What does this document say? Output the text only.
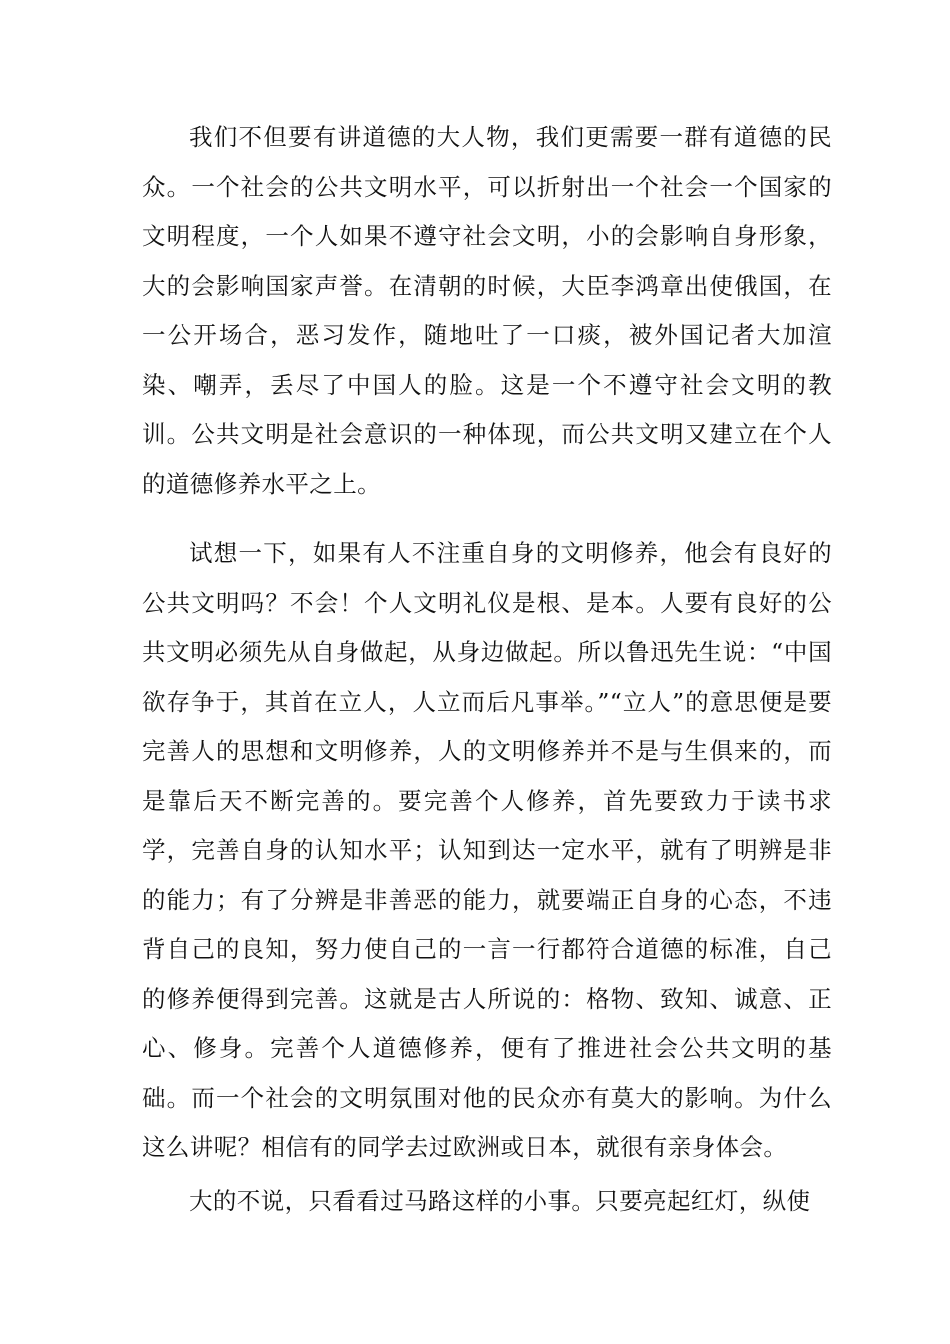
我们不但要有讲道德的大人物，我们更需要一群有道德的民众。一个社会的公共文明水平，可以折射出一个社会一个国家的文明程度，一个人如果不遵守社会文明，小的会影响自身形象，大的会影响国家声誉。在清朝的时候，大臣李鸿章出使俄国，在一公开场合，恶习发作，随地吐了一口痰，被外国记者大加渲染、嘲弄，丢尽了中国人的脸。这是一个不遵守社会文明的教训。公共文明是社会意识的一种体现，而公共文明又建立在个人的道德修养水平之上。

试想一下，如果有人不注重自身的文明修养，他会有良好的公共文明吗？不会！个人文明礼仪是根、是本。人要有良好的公共文明必须先从自身做起，从身边做起。所以鲁迅先生说：“中国欲存争于，其首在立人，人立而后凡事举。”“立人”的意思便是要完善人的思想和文明修养，人的文明修养并不是与生俱来的，而是靠后天不断完善的。要完善个人修养，首先要致力于读书求学，完善自身的认知水平；认知到达一定水平，就有了明辨是非的能力；有了分辨是非善恶的能力，就要端正自身的心态，不违背自己的良知，努力使自己的一言一行都符合道德的标准，自己的修养便得到完善。这就是古人所说的：格物、致知、诚意、正心、修身。完善个人道德修养，便有了推进社会公共文明的基础。而一个社会的文明氛围对他的民众亦有莫大的影响。为什么这么讲呢？相信有的同学去过欧洲或日本，就很有亲身体会。

大的不说，只看看过马路这样的小事。只要亮起红灯，纵使
